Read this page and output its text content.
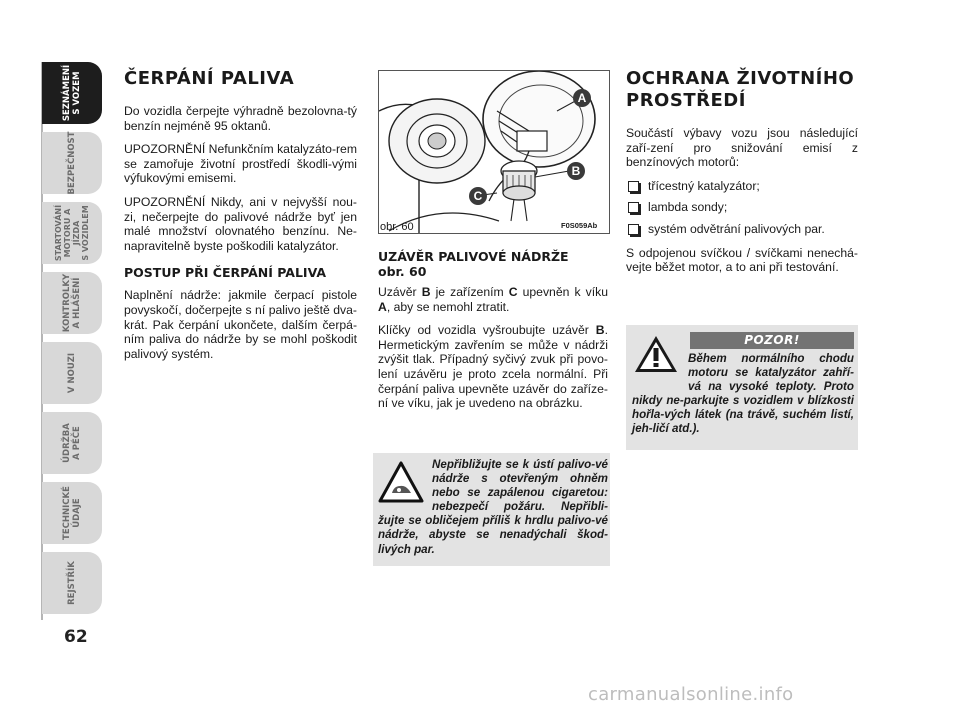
SEZNÁMENÍ
S VOZEM
BEZPEČNOST
STARTOVÁNÍ
MOTORU A JÍZDA
S VOZIDLEM
KONTROLKY
A HLÁŠENÍ
V NOUZI
ÚDRŽBA
A PÉČE
TECHNICKÉ
ÚDAJE
REJSTŘÍK
62
ČERPÁNÍ PALIVA

Do vozidla čerpejte výhradně bezolovna-tý benzín nejméně 95 oktanů.

UPOZORNĚNÍ Nefunkčním katalyzáto-rem se zamořuje životní prostředí škodli-vými výfukovými emisemi.

UPOZORNĚNÍ Nikdy, ani v nejvyšší nou-zi, nečerpejte do palivové nádrže byť jen malé množství olovnatého benzínu. Ne-napravitelně byste poškodili katalyzátor.

POSTUP PŘI ČERPÁNÍ PALIVA

Naplnění nádrže: jakmile čerpací pistole povyskočí, dočerpejte s ní palivo ještě dva-krát. Pak čerpání ukončete, dalším čerpá-ním paliva do nádrže by se mohl poškodit palivový systém.

A
B
C
obr. 60	F0S059Ab
UZÁVĚR PALIVOVÉ NÁDRŽE
obr. 60

Uzávěr B je zařízením C upevněn k víku A, aby se nemohl ztratit.

Klíčky od vozidla vyšroubujte uzávěr B. Hermetickým zavřením se může v nádrži zvýšit tlak. Případný syčivý zvuk při povo-lení uzávěru je proto zcela normální. Při čerpání paliva upevněte uzávěr do zaříze-ní ve víku, jak je uvedeno na obrázku.

Nepřibližujte se k ústí palivo-vé nádrže s otevřeným ohněm nebo se zapálenou cigaretou: nebezpečí požáru. Nepřibli-žujte se obličejem příliš k hrdlu palivo-vé nádrže, abyste se nenadýchali škod-livých par.
OCHRANA ŽIVOTNÍHO PROSTŘEDÍ

Součástí výbavy vozu jsou následující zaří-zení pro snižování emisí z benzínových motorů:

třícestný katalyzátor;
lambda sondy;
systém odvětrání palivových par.

S odpojenou svíčkou / svíčkami nenechá-vejte běžet motor, a to ani při testování.

POZOR!
Během normálního chodu motoru se katalyzátor zahří-vá na vysoké teploty. Proto nikdy ne-parkujte s vozidlem v blízkosti hořla-vých látek (na trávě, suchém listí, jeh-ličí atd.).
carmanualsonline.info
